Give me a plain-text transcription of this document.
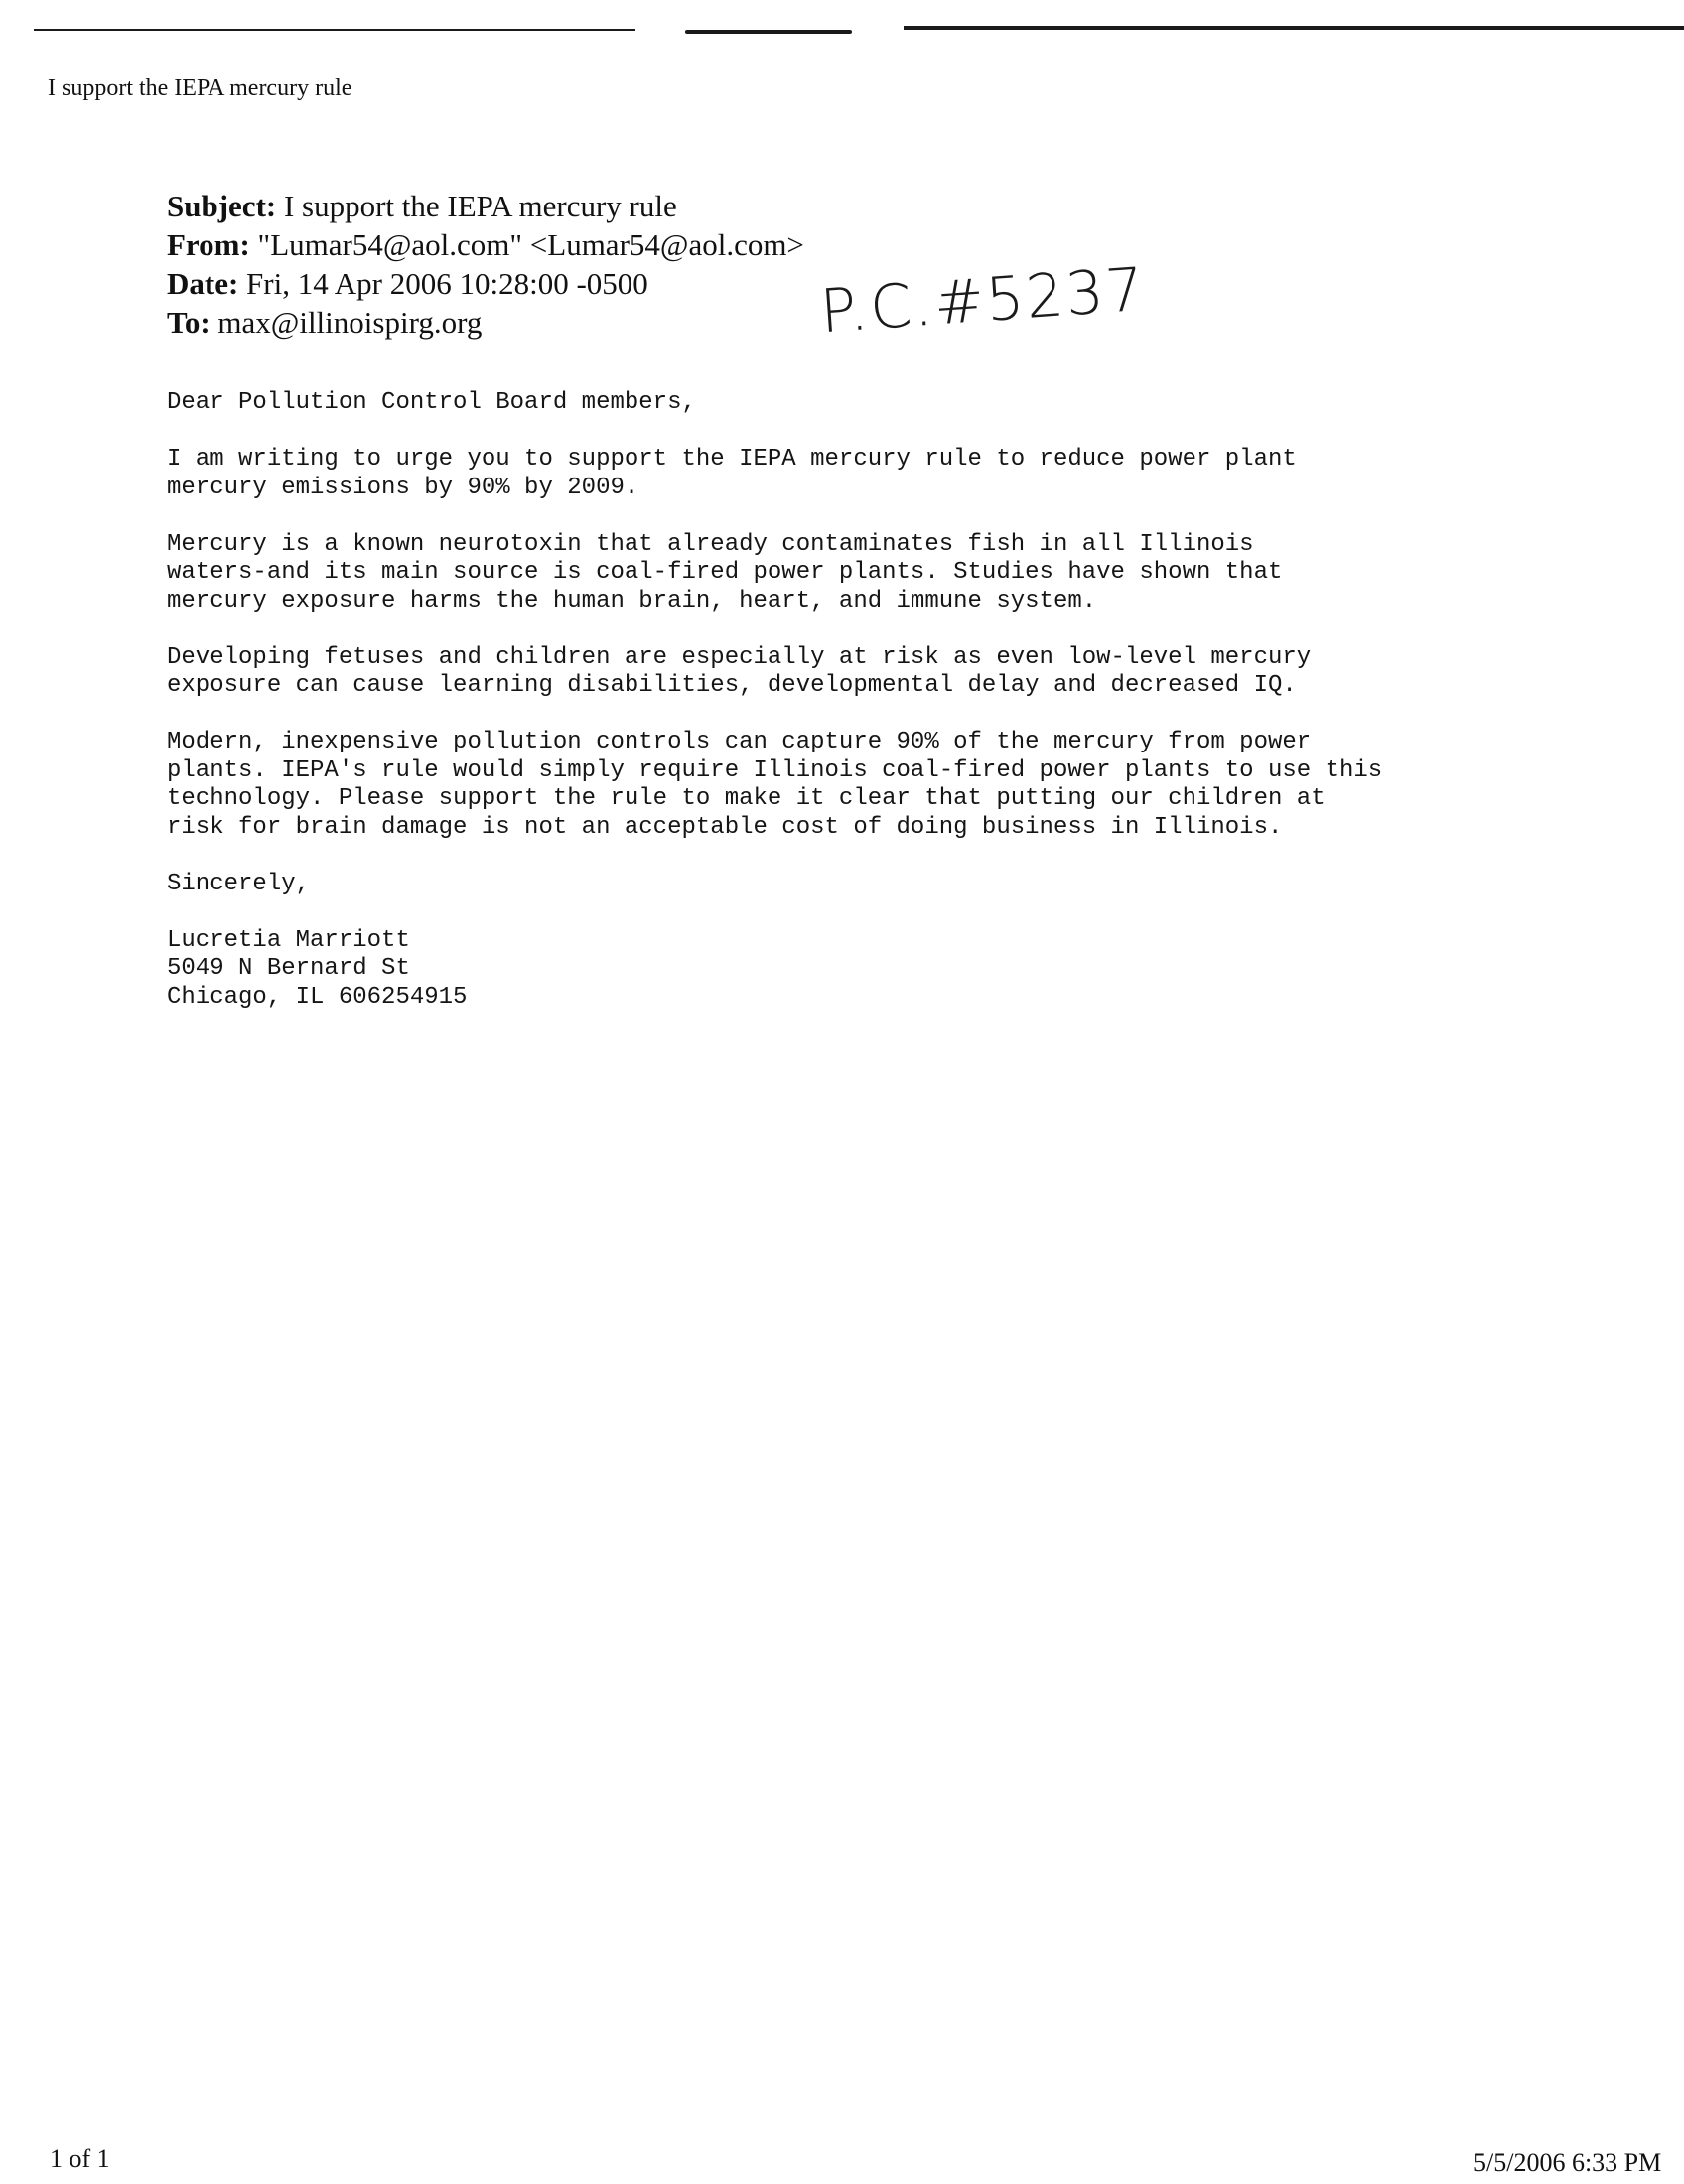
I support the IEPA mercury rule
Subject: I support the IEPA mercury rule
From: "Lumar54@aol.com" <Lumar54@aol.com>
Date: Fri, 14 Apr 2006 10:28:00 -0500
To: max@illinoispirg.org	P.C.#5237

Dear Pollution Control Board members,

I am writing to urge you to support the IEPA mercury rule to reduce power plant
mercury emissions by 90% by 2009.

Mercury is a known neurotoxin that already contaminates fish in all Illinois
waters-and its main source is coal-fired power plants. Studies have shown that
mercury exposure harms the human brain, heart, and immune system.

Developing fetuses and children are especially at risk as even low-level mercury
exposure can cause learning disabilities, developmental delay and decreased IQ.

Modern, inexpensive pollution controls can capture 90% of the mercury from power
plants. IEPA's rule would simply require Illinois coal-fired power plants to use this
technology. Please support the rule to make it clear that putting our children at
risk for brain damage is not an acceptable cost of doing business in Illinois.

Sincerely,

Lucretia Marriott
5049 N Bernard St
Chicago, IL 606254915
1 of 1	5/5/2006 6:33 PM
